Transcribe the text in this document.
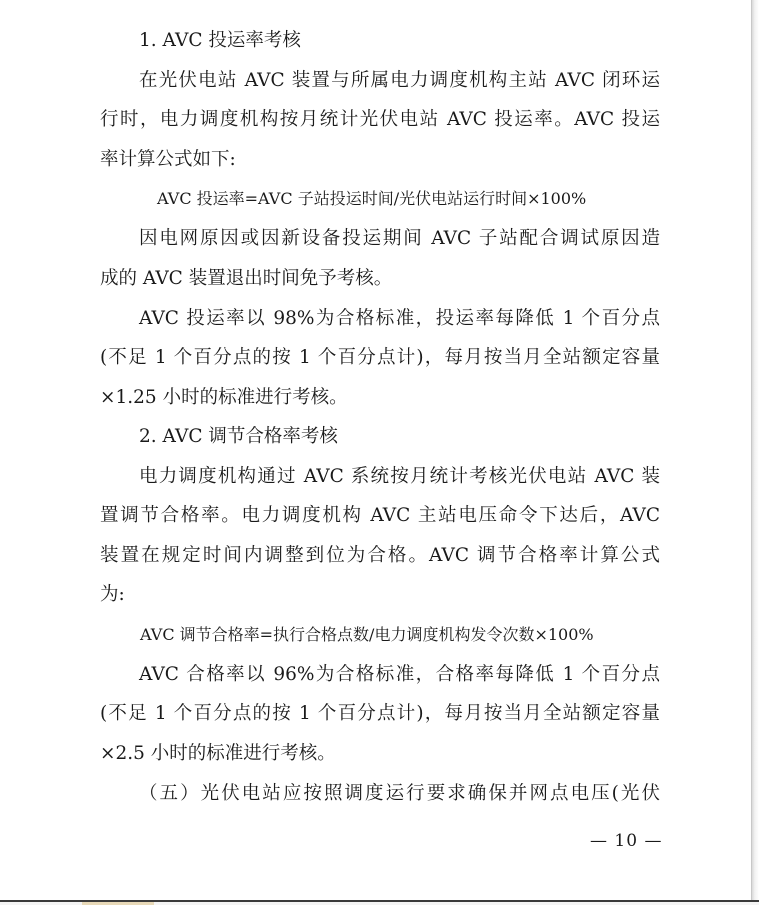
1. AVC 投运率考核
在光伏电站 AVC 装置与所属电力调度机构主站 AVC 闭环运
行时，电力调度机构按月统计光伏电站 AVC 投运率。AVC 投运
率计算公式如下:
AVC 投运率=AVC 子站投运时间/光伏电站运行时间×100%
因电网原因或因新设备投运期间 AVC 子站配合调试原因造
成的 AVC 装置退出时间免予考核。
AVC 投运率以 98%为合格标准，投运率每降低 1 个百分点
(不足 1 个百分点的按 1 个百分点计)，每月按当月全站额定容量
×1.25 小时的标准进行考核。
2. AVC 调节合格率考核
电力调度机构通过 AVC 系统按月统计考核光伏电站 AVC 装
置调节合格率。电力调度机构 AVC 主站电压命令下达后，AVC
装置在规定时间内调整到位为合格。AVC 调节合格率计算公式
为:
AVC 调节合格率=执行合格点数/电力调度机构发令次数×100%
AVC 合格率以 96%为合格标准，合格率每降低 1 个百分点
(不足 1 个百分点的按 1 个百分点计)，每月按当月全站额定容量
×2.5 小时的标准进行考核。
（五）光伏电站应按照调度运行要求确保并网点电压(光伏
— 10 —
